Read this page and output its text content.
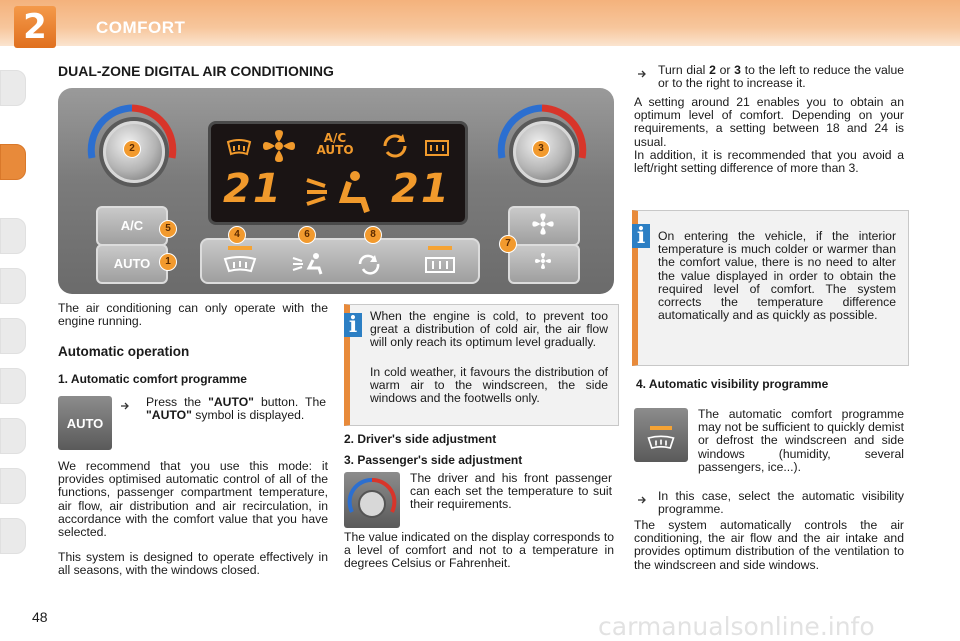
2	COMFORT
DUAL-ZONE DIGITAL AIR CONDITIONING
2	3
A/C
AUTO
21	21
A/C
AUTO
5
1
4	6	8
7
The air conditioning can only operate with the engine running.
Automatic operation
1. Automatic comfort programme
AUTO
Press the "AUTO" button. The "AUTO" symbol is displayed.
We recommend that you use this mode: it provides optimised automatic control of all of the functions, passenger compartment temperature, air flow, air distribution and air recirculation, in accordance with the comfort value that you have selected.
This system is designed to operate effectively in all seasons, with the windows closed.
i	When the engine is cold, to prevent too great a distribution of cold air, the air flow will only reach its optimum level gradually.
In cold weather, it favours the distribution of warm air to the windscreen, the side windows and the footwells only.
2. Driver's side adjustment
3. Passenger's side adjustment
The driver and his front passenger can each set the temperature to suit their requirements.
The value indicated on the display corresponds to a level of comfort and not to a temperature in degrees Celsius or Fahrenheit.
Turn dial 2 or 3 to the left to reduce the value or to the right to increase it.
A setting around 21 enables you to obtain an optimum level of comfort. Depending on your requirements, a setting between 18 and 24 is usual.
In addition, it is recommended that you avoid a left/right setting difference of more than 3.
i	On entering the vehicle, if the interior temperature is much colder or warmer than the comfort value, there is no need to alter the value displayed in order to obtain the required level of comfort. The system corrects the temperature difference automatically and as quickly as possible.
4. Automatic visibility programme
The automatic comfort programme may not be sufficient to quickly demist or defrost the windscreen and side windows (humidity, several passengers, ice...).
In this case, select the automatic visibility programme.
The system automatically controls the air conditioning, the air flow and the air intake and provides optimum distribution of the ventilation to the windscreen and side windows.
48	carmanualsonline.info
